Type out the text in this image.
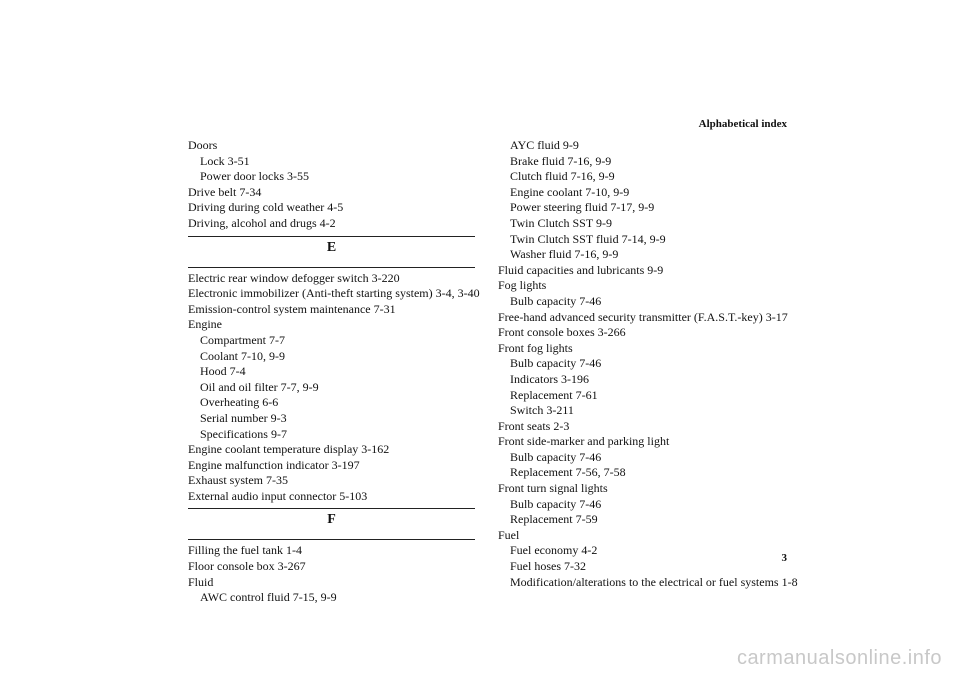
Alphabetical index
Doors
Lock 3-51
Power door locks 3-55
Drive belt 7-34
Driving during cold weather 4-5
Driving, alcohol and drugs 4-2
E
Electric rear window defogger switch 3-220
Electronic immobilizer (Anti-theft starting system) 3-4, 3-40
Emission-control system maintenance 7-31
Engine
Compartment 7-7
Coolant 7-10, 9-9
Hood 7-4
Oil and oil filter 7-7, 9-9
Overheating 6-6
Serial number 9-3
Specifications 9-7
Engine coolant temperature display 3-162
Engine malfunction indicator 3-197
Exhaust system 7-35
External audio input connector 5-103
F
Filling the fuel tank 1-4
Floor console box 3-267
Fluid
AWC control fluid 7-15, 9-9
AYC fluid 9-9
Brake fluid 7-16, 9-9
Clutch fluid 7-16, 9-9
Engine coolant 7-10, 9-9
Power steering fluid 7-17, 9-9
Twin Clutch SST 9-9
Twin Clutch SST fluid 7-14, 9-9
Washer fluid 7-16, 9-9
Fluid capacities and lubricants 9-9
Fog lights
Bulb capacity 7-46
Free-hand advanced security transmitter (F.A.S.T.-key) 3-17
Front console boxes 3-266
Front fog lights
Bulb capacity 7-46
Indicators 3-196
Replacement 7-61
Switch 3-211
Front seats 2-3
Front side-marker and parking light
Bulb capacity 7-46
Replacement 7-56, 7-58
Front turn signal lights
Bulb capacity 7-46
Replacement 7-59
Fuel
Fuel economy 4-2
Fuel hoses 7-32
Modification/alterations to the electrical or fuel systems 1-8
3
carmanualsonline.info
